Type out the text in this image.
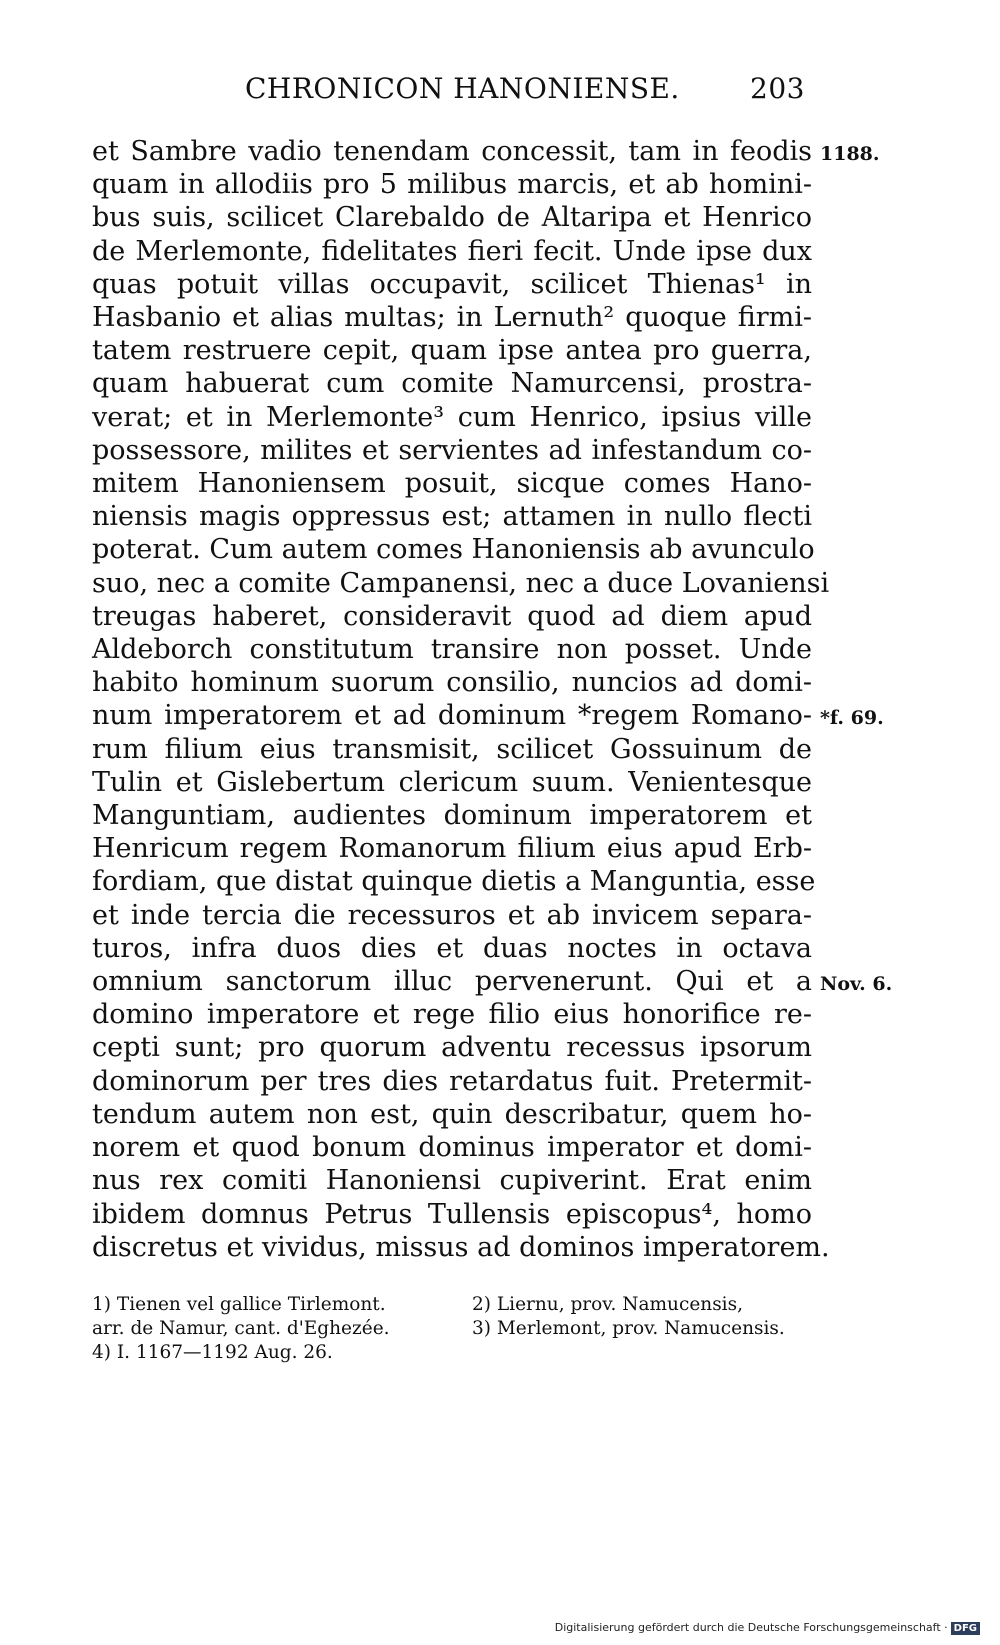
CHRONICON HANONIENSE.	203
et Sambre vadio tenendam concessit, tam in feodis
quam in allodiis pro 5 milibus marcis, et ab homini-
bus suis, scilicet Clarebaldo de Altaripa et Henrico
de Merlemonte, fidelitates fieri fecit. Unde ipse dux
quas potuit villas occupavit, scilicet Thienas¹ in
Hasbanio et alias multas; in Lernuth² quoque firmi-
tatem restruere cepit, quam ipse antea pro guerra,
quam habuerat cum comite Namurcensi, prostra-
verat; et in Merlemonte³ cum Henrico, ipsius ville
possessore, milites et servientes ad infestandum co-
mitem Hanoniensem posuit, sicque comes Hano-
niensis magis oppressus est; attamen in nullo flecti
poterat. Cum autem comes Hanoniensis ab avunculo
suo, nec a comite Campanensi, nec a duce Lovaniensi
treugas haberet, consideravit quod ad diem apud
Aldeborch constitutum transire non posset. Unde
habito hominum suorum consilio, nuncios ad domi-
num imperatorem et ad dominum *regem Romano-
rum filium eius transmisit, scilicet Gossuinum de
Tulin et Gislebertum clericum suum. Venientesque
Manguntiam, audientes dominum imperatorem et
Henricum regem Romanorum filium eius apud Erb-
fordiam, que distat quinque dietis a Manguntia, esse
et inde tercia die recessuros et ab invicem separa-
turos, infra duos dies et duas noctes in octava
omnium sanctorum illuc pervenerunt. Qui et a
domino imperatore et rege filio eius honorifice re-
cepti sunt; pro quorum adventu recessus ipsorum
dominorum per tres dies retardatus fuit. Pretermit-
tendum autem non est, quin describatur, quem ho-
norem et quod bonum dominus imperator et domi-
nus rex comiti Hanoniensi cupiverint. Erat enim
ibidem domnus Petrus Tullensis episcopus⁴, homo
discretus et vividus, missus ad dominos imperatorem.
1188.
*f. 69.
Nov. 6.
1) Tienen vel gallice Tirlemont.	2) Liernu, prov. Namucensis,
arr. de Namur, cant. d'Eghezée.	3) Merlemont, prov. Namucensis.
4) I. 1167—1192 Aug. 26.
Digitalisierung gefördert durch die Deutsche Forschungsgemeinschaft · DFG
